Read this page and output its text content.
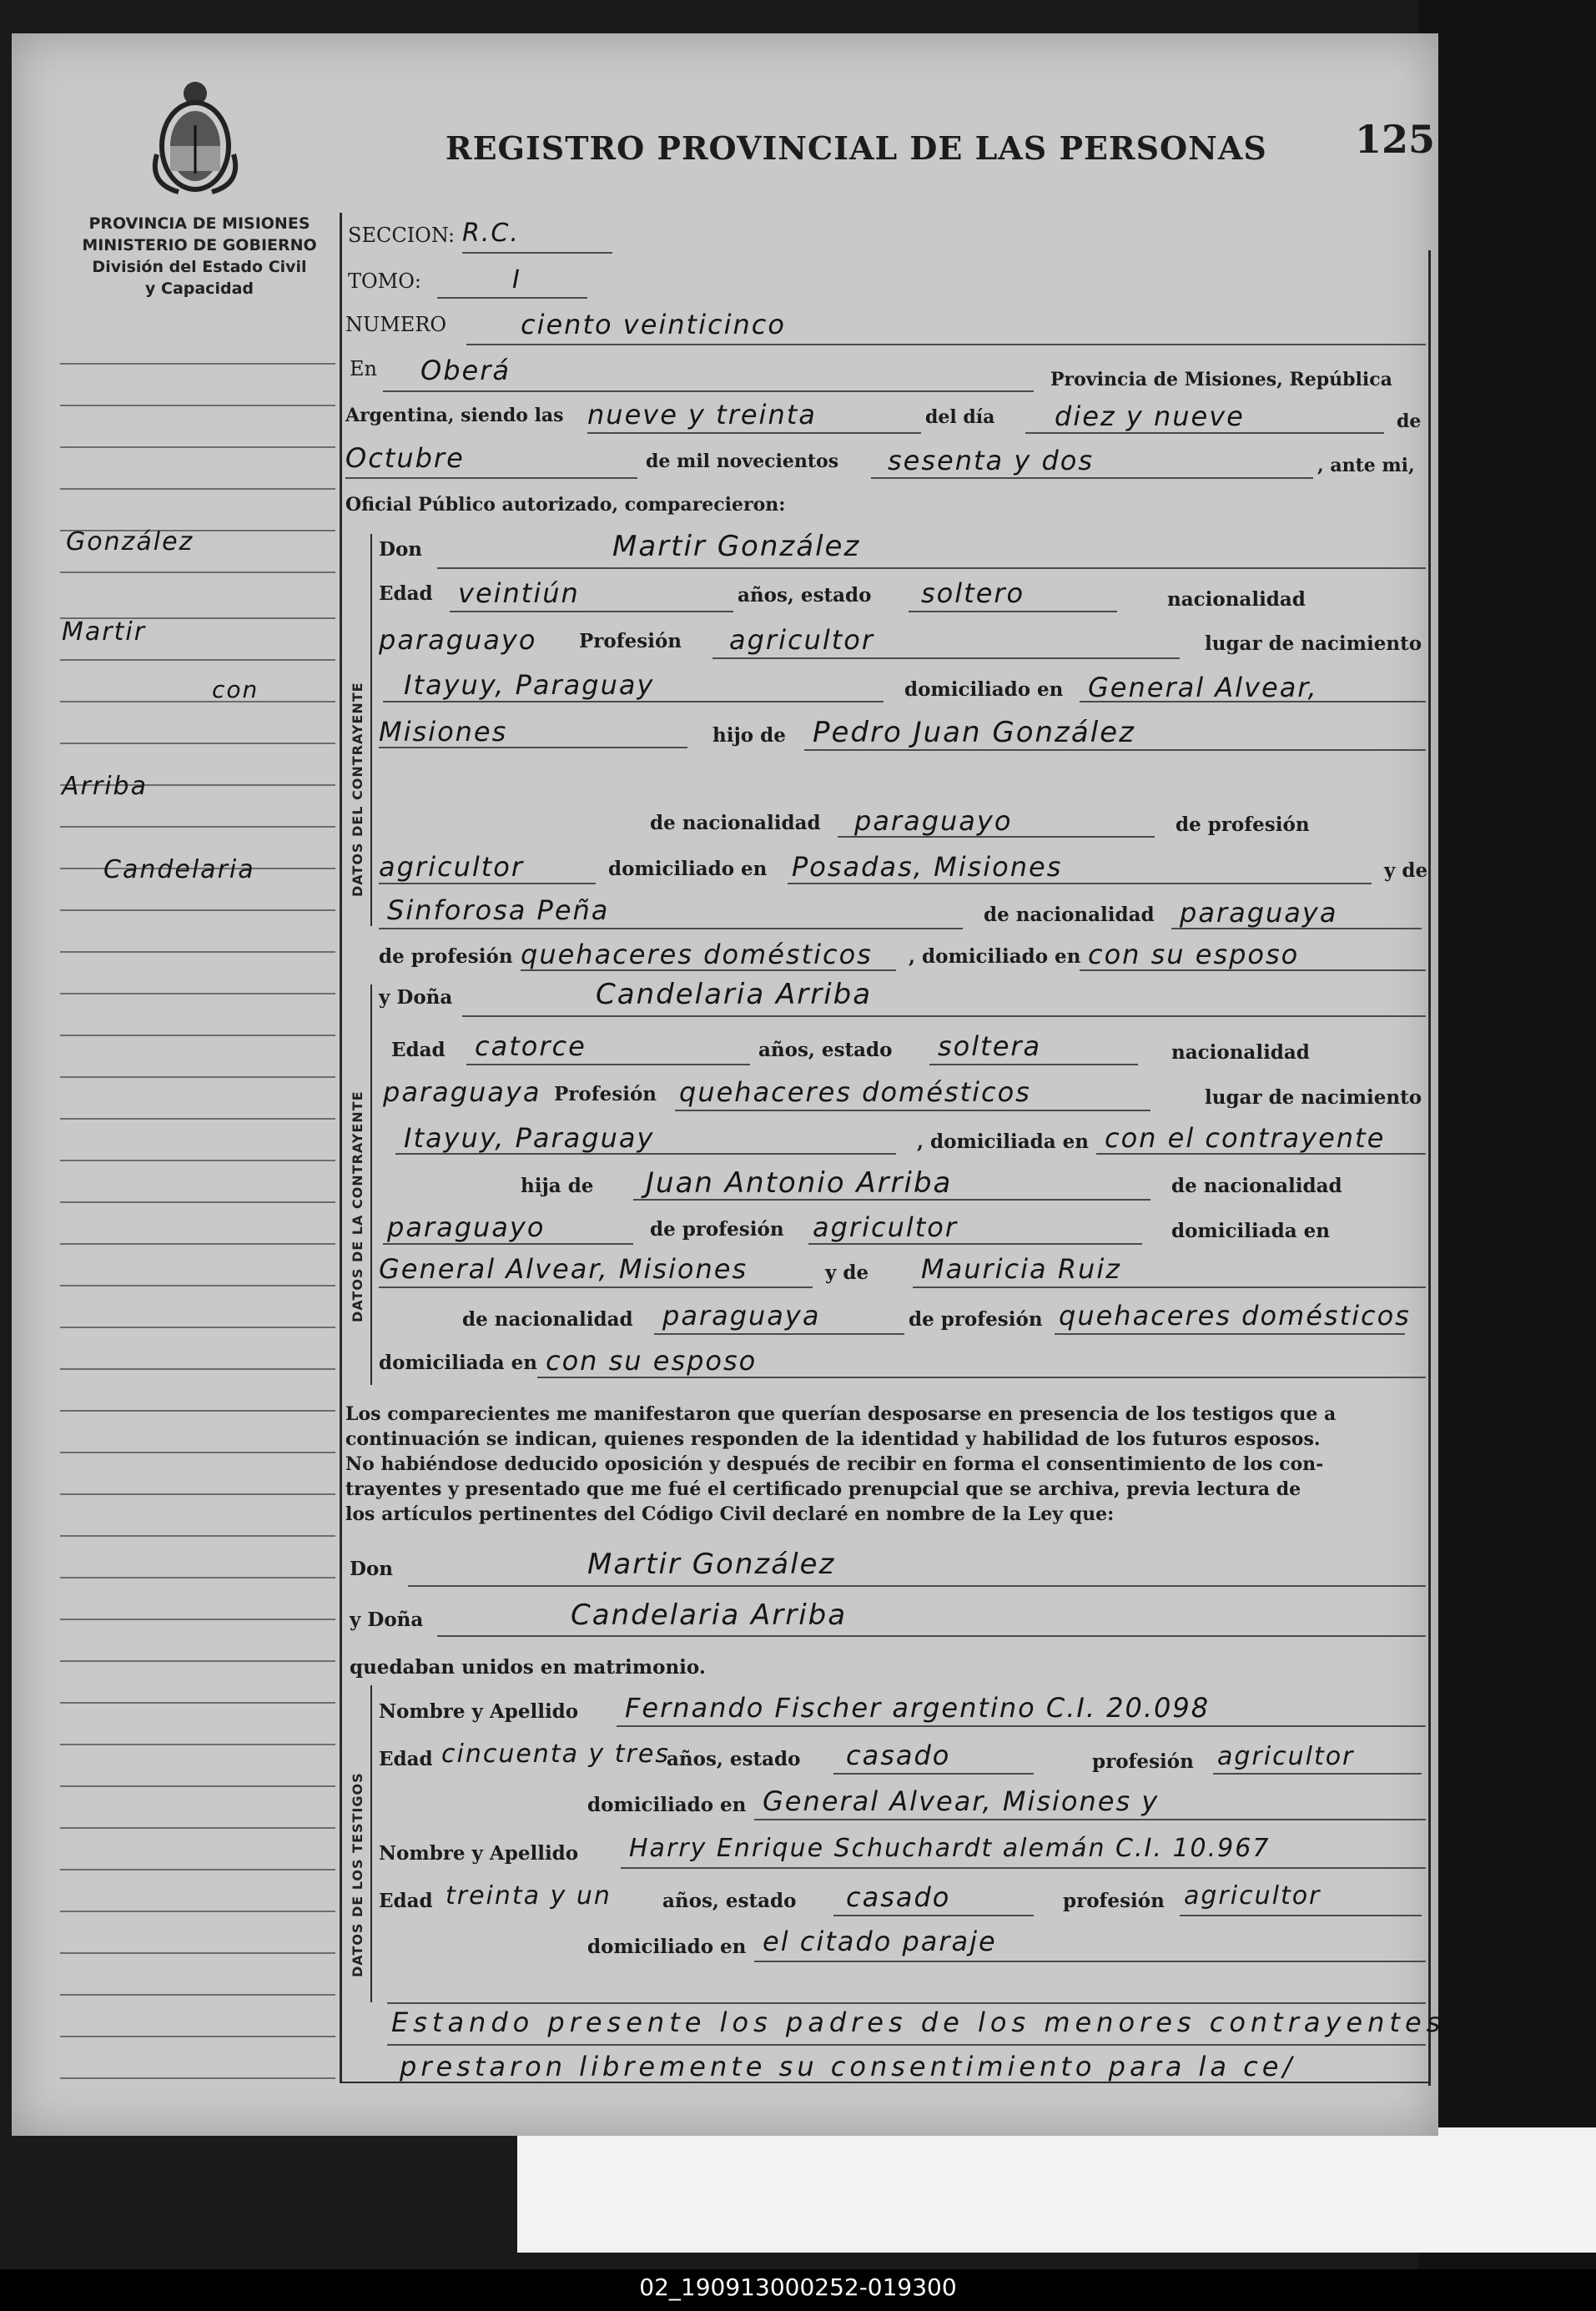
REGISTRO PROVINCIAL DE LAS PERSONAS 125
PROVINCIA DE MISIONES
MINISTERIO DE GOBIERNO
División del Estado Civil
y Capacidad
González
Martir
con
Arriba
Candelaria
SECCION: R.C.
TOMO:	I
NUMERO	ciento veinticinco
En Oberá	Provincia de Misiones, República
Argentina, siendo las nueve y treinta	del día diez y nueve	de
Octubre	de mil novecientos sesenta y dos	, ante mi,
Oficial Público autorizado, comparecieron:
DATOS DEL CONTRAYENTE
Don	Martir González
Edad veintiún	años, estado soltero	nacionalidad
paraguayo Profesión agricultor	lugar de nacimiento
Itayuy, Paraguay	domiciliado en General Alvear,
Misiones	hijo de Pedro Juan González
de nacionalidad paraguayo	de profesión
agricultor	domiciliado en Posadas, Misiones	y de
Sinforosa Peña	de nacionalidad paraguaya
de profesión quehaceres domésticos , domiciliado en con su esposo
DATOS DE LA CONTRAYENTE
y Doña	Candelaria Arriba
Edad catorce	años, estado soltera	nacionalidad
paraguaya Profesión quehaceres domésticos	lugar de nacimiento
Itayuy, Paraguay	, domiciliada en con el contrayente
hija de Juan Antonio Arriba	de nacionalidad
paraguayo	de profesión agricultor	domiciliada en
General Alvear, Misiones	y de Mauricia Ruiz
de nacionalidad paraguaya	de profesión quehaceres domésticos
domiciliada en con su esposo
Los comparecientes me manifestaron que querían desposarse en presencia de los testigos que a
continuación se indican, quienes responden de la identidad y habilidad de los futuros esposos.
No habiéndose deducido oposición y después de recibir en forma el consentimiento de los con-
trayentes y presentado que me fué el certificado prenupcial que se archiva, previa lectura de
los artículos pertinentes del Código Civil declaré en nombre de la Ley que:
Don	Martir González
y Doña	Candelaria Arriba
quedaban unidos en matrimonio.
DATOS DE LOS TESTIGOS
Nombre y Apellido Fernando Fischer argentino C.I. 20.098
Edad cincuenta y tres
años, estado casado	profesión agricultor
domiciliado en General Alvear, Misiones y
Nombre y Apellido Harry Enrique Schuchardt alemán C.I. 10.967
Edad treinta y un	años, estado casado	profesión agricultor
domiciliado en el citado paraje
Estando presente los padres de los menores contrayentes
prestaron libremente su consentimiento para la ce/
02_190913000252-019300
